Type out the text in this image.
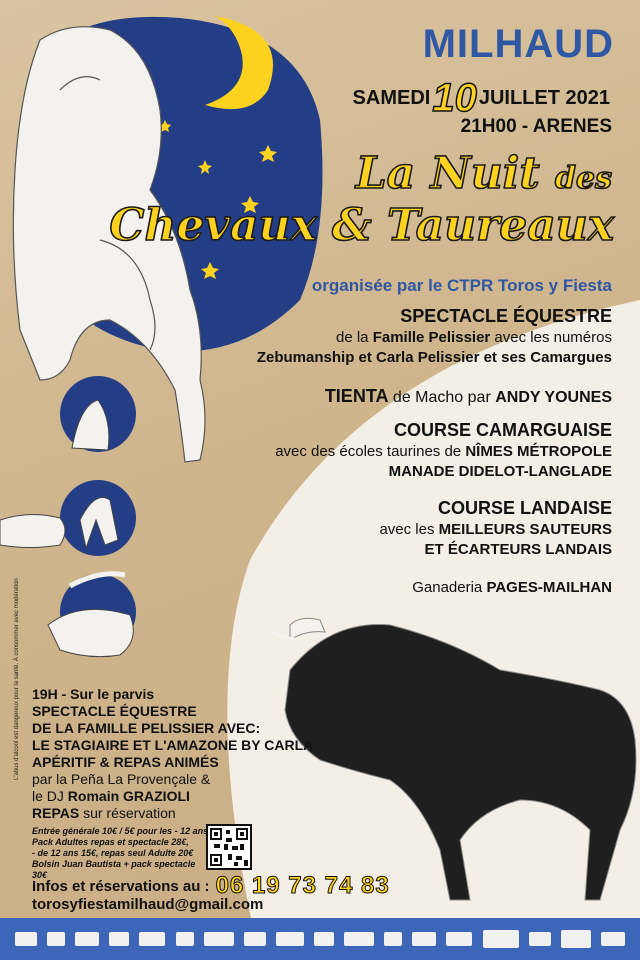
MILHAUD
SAMEDI 10 JUILLET 2021
21H00 - ARENES
La Nuit des
Chevaux & Taureaux
organisée par le CTPR Toros y Fiesta
SPECTACLE ÉQUESTRE
de la Famille Pelissier avec les numéros
Zebumanship et Carla Pelissier et ses Camargues
TIENTA de Macho par ANDY YOUNES
COURSE CAMARGUAISE
avec des écoles taurines de NÎMES MÉTROPOLE
MANADE DIDELOT-LANGLADE
COURSE LANDAISE
avec les MEILLEURS SAUTEURS
ET ÉCARTEURS LANDAIS
Ganaderia PAGES-MAILHAN
19H - Sur le parvis
SPECTACLE ÉQUESTRE
DE LA FAMILLE PELISSIER AVEC:
LE STAGIAIRE ET L'AMAZONE BY CARLA
APÉRITIF & REPAS ANIMÉS
par la Peña La Provençale &
le DJ Romain GRAZIOLI
REPAS sur réservation
Entrée générale 10€ / 5€ pour les - 12 ans
Pack Adultes repas et spectacle 28€,
- de 12 ans 15€, repas seul Adulte 20€
Bolsin Juan Bautista + pack spectacle 30€
Infos et réservations au : 06 19 73 74 83
torosyfiestamilhaud@gmail.com
L'abus d'alcool est dangereux pour la santé. À consommer avec modération
